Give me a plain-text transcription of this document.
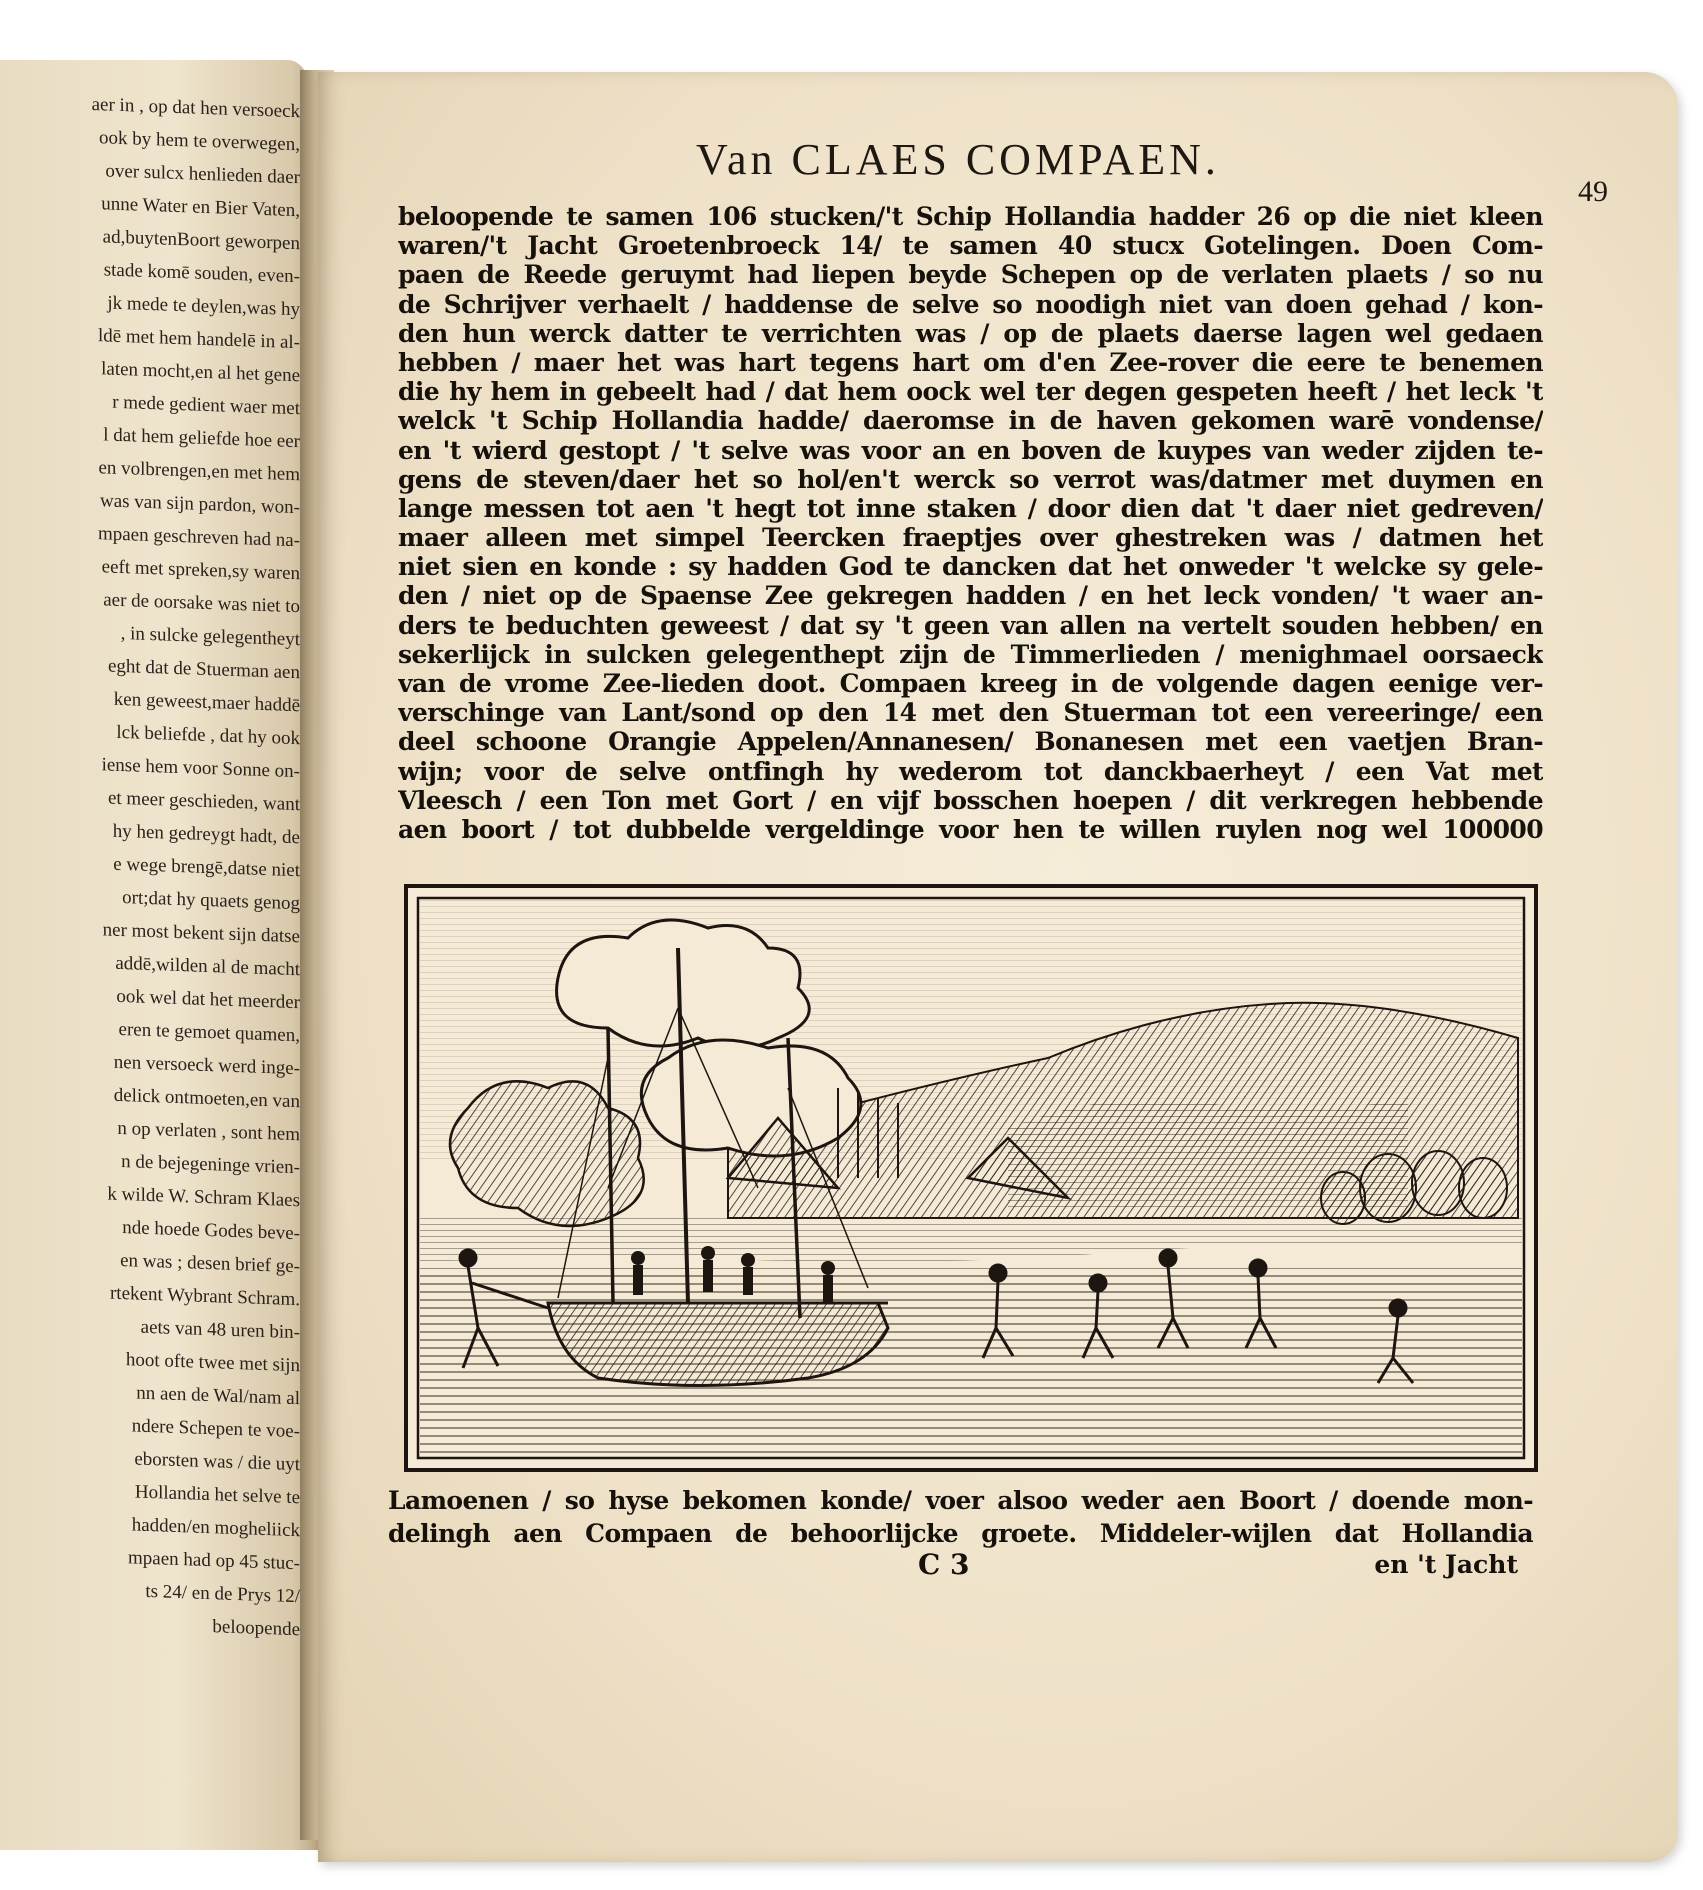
aer in , op dat hen versoeck
ook by hem te overwegen,
over sulcx henlieden daer
unne Water en Bier Vaten,
ad,buytenBoort geworpen
stade komē souden, even-
jk mede te deylen,was hy
ldē met hem handelē in al-
laten mocht,en al het gene
r mede gedient waer met
l dat hem geliefde hoe eer
en volbrengen,en met hem
was van sijn pardon, won-
mpaen geschreven had na-
eeft met spreken,sy waren
aer de oorsake was niet to
, in sulcke gelegentheyt
eght dat de Stuerman aen
ken geweest,maer haddē
lck beliefde , dat hy ook
iense hem voor Sonne on-
et meer geschieden, want
hy hen gedreygt hadt, de
e wege brengē,datse niet
ort;dat hy quaets genog
ner most bekent sijn datse
addē,wilden al de macht
ook wel dat het meerder
eren te gemoet quamen,
nen versoeck werd inge-
delick ontmoeten,en van
n op verlaten , sont hem
n de bejegeninge vrien-
k wilde W. Schram Klaes
nde hoede Godes beve-
en was ; desen brief ge-
rtekent Wybrant Schram.
aets van 48 uren bin-
hoot ofte twee met sijn
nn aen de Wal/nam al
ndere Schepen te voe-
eborsten was / die uyt
Hollandia het selve te
hadden/en mogheliick
mpaen had op 45 stuc-
ts 24/ en de Prys 12/
beloopende
Van CLAES COMPAEN.
49
beloopende te samen 106 stucken/'t Schip Hollandia hadder 26 op die niet kleen
waren/'t Jacht Groetenbroeck 14/ te samen 40 stucx Gotelingen. Doen Com-
paen de Reede geruymt had liepen beyde Schepen op de verlaten plaets / so nu
de Schrijver verhaelt / haddense de selve so noodigh niet van doen gehad / kon-
den hun werck datter te verrichten was / op de plaets daerse lagen wel gedaen
hebben / maer het was hart tegens hart om d'en Zee-rover die eere te benemen
die hy hem in gebeelt had / dat hem oock wel ter degen gespeten heeft / het leck 't
welck 't Schip Hollandia hadde/ daeromse in de haven gekomen warē vondense/
en 't wierd gestopt / 't selve was voor an en boven de kuypes van weder zijden te-
gens de steven/daer het so hol/en't werck so verrot was/datmer met duymen en
lange messen tot aen 't hegt tot inne staken / door dien dat 't daer niet gedreven/
maer alleen met simpel Teercken fraeptjes over ghestreken was / datmen het
niet sien en konde : sy hadden God te dancken dat het onweder 't welcke sy gele-
den / niet op de Spaense Zee gekregen hadden / en het leck vonden/ 't waer an-
ders te beduchten geweest / dat sy 't geen van allen na vertelt souden hebben/ en
sekerlijck in sulcken gelegenthept zijn de Timmerlieden / menighmael oorsaeck
van de vrome Zee-lieden doot. Compaen kreeg in de volgende dagen eenige ver-
verschinge van Lant/sond op den 14 met den Stuerman tot een vereeringe/ een
deel schoone Orangie Appelen/Annanesen/ Bonanesen met een vaetjen Bran-
wijn; voor de selve ontfingh hy wederom tot danckbaerheyt / een Vat met
Vleesch / een Ton met Gort / en vijf bosschen hoepen / dit verkregen hebbende
aen boort / tot dubbelde vergeldinge voor hen te willen ruylen nog wel 100000
Lamoenen / so hyse bekomen konde/ voer alsoo weder aen Boort / doende mon-
delingh aen Compaen de behoorlijcke groete. Middeler-wijlen dat Hollandia
C 3	en 't Jacht
